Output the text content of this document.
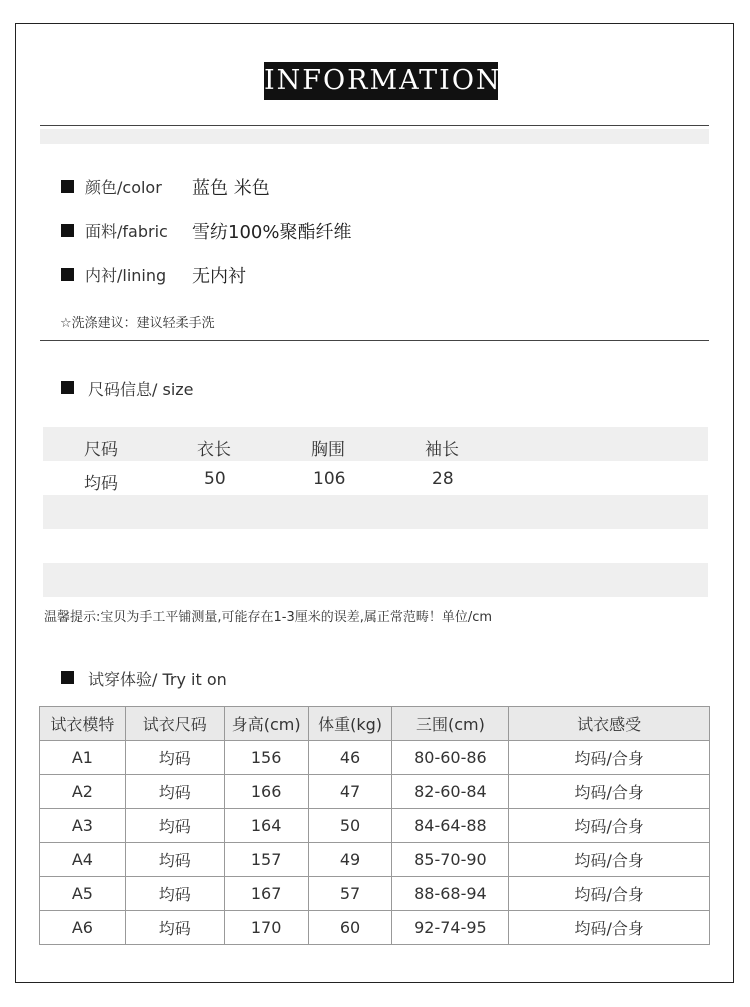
INFORMATION
颜色/color 蓝色 米色
面料/fabric 雪纺100%聚酯纤维
内衬/lining 无内衬
☆洗涤建议：建议轻柔手洗
尺码信息/ size
尺码	衣长	胸围	袖长
均码	50	106	28
温馨提示:宝贝为手工平铺测量,可能存在1-3厘米的误差,属正常范畴！单位/cm
试穿体验/ Try it on
试衣模特	试衣尺码	身高(cm)	体重(kg)	三围(cm)	试衣感受
A1	均码	156	46	80-60-86	均码/合身
A2	均码	166	47	82-60-84	均码/合身
A3	均码	164	50	84-64-88	均码/合身
A4	均码	157	49	85-70-90	均码/合身
A5	均码	167	57	88-68-94	均码/合身
A6	均码	170	60	92-74-95	均码/合身
